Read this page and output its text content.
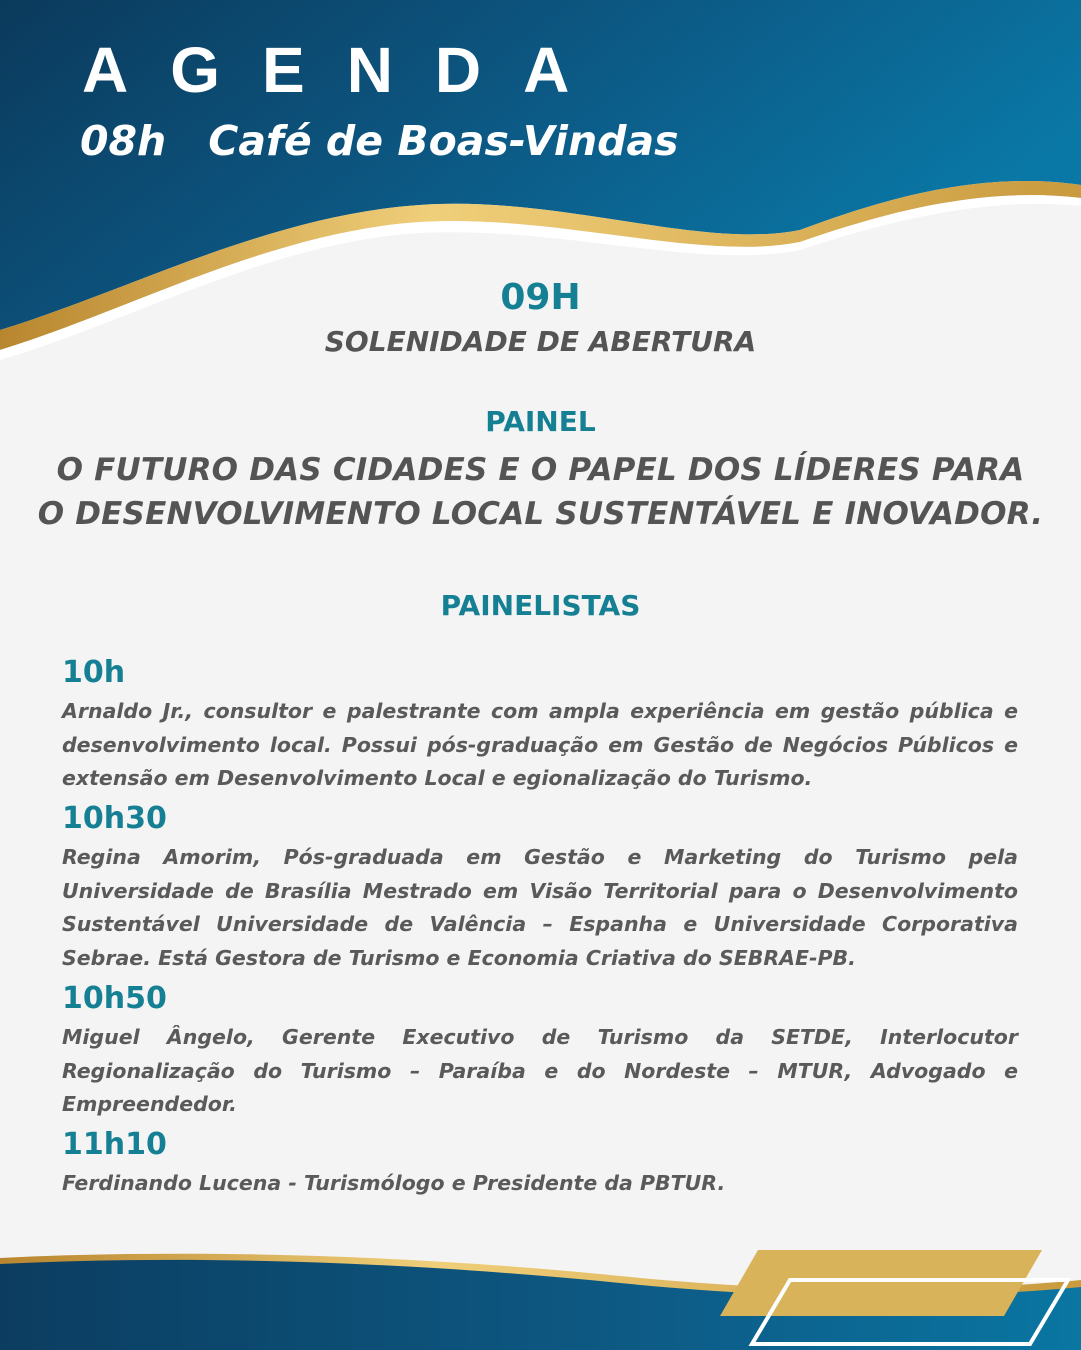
AGENDA
08h Café de Boas-Vindas
09H
SOLENIDADE DE ABERTURA
PAINEL
O FUTURO DAS CIDADES E O PAPEL DOS LÍDERES PARA
O DESENVOLVIMENTO LOCAL SUSTENTÁVEL E INOVADOR.
PAINELISTAS
10h

Arnaldo Jr., consultor e palestrante com ampla experiência em gestão pública e desenvolvimento local. Possui pós-graduação em Gestão de Negócios Públicos e extensão em Desenvolvimento Local e egionalização do Turismo.

10h30

Regina Amorim, Pós-graduada em Gestão e Marketing do Turismo pela Universidade de Brasília Mestrado em Visão Territorial para o Desenvolvimento Sustentável Universidade de Valência – Espanha e Universidade Corporativa Sebrae. Está Gestora de Turismo e Economia Criativa do SEBRAE-PB.

10h50

Miguel Ângelo, Gerente Executivo de Turismo da SETDE, Interlocutor Regionalização do Turismo – Paraíba e do Nordeste – MTUR, Advogado e Empreendedor.

11h10

Ferdinando Lucena - Turismólogo e Presidente da PBTUR.
